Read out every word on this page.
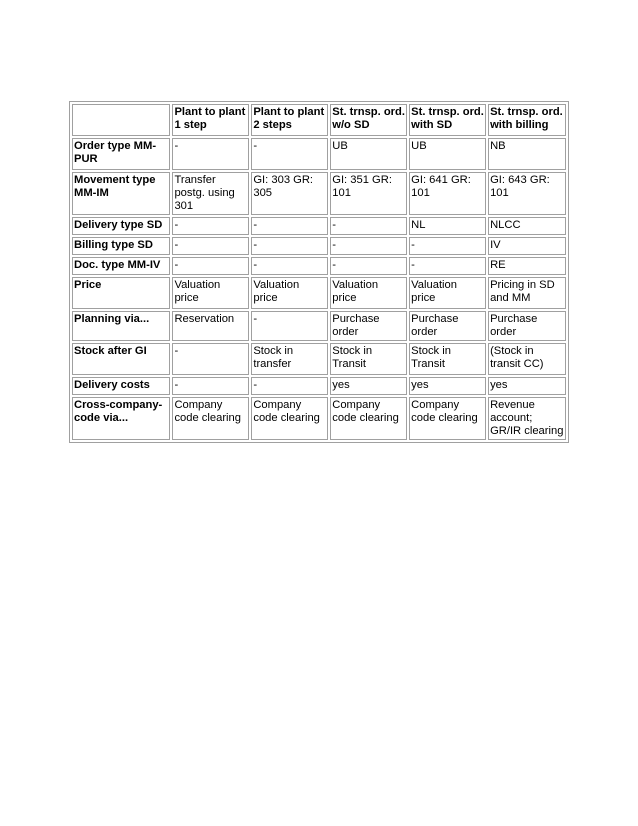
	Plant to plant 1 step	Plant to plant 2 steps	St. trnsp. ord. w/o SD	St. trnsp. ord. with SD	St. trnsp. ord. with billing
Order type MM-PUR	-	-	UB	UB	NB
Movement type MM-IM	Transfer postg. using 301	GI: 303 GR: 305	GI: 351 GR: 101	GI: 641 GR: 101	GI: 643 GR: 101
Delivery type SD	-	-	-	NL	NLCC
Billing type SD	-	-	-	-	IV
Doc. type MM-IV	-	-	-	-	RE
Price	Valuation price	Valuation price	Valuation price	Valuation price	Pricing in SD and MM
Planning via...	Reservation	-	Purchase order	Purchase order	Purchase order
Stock after GI	-	Stock in transfer	Stock in Transit	Stock in Transit	(Stock in transit CC)
Delivery costs	-	-	yes	yes	yes
Cross-company-code via...	Company code clearing	Company code clearing	Company code clearing	Company code clearing	Revenue account; GR/IR clearing
